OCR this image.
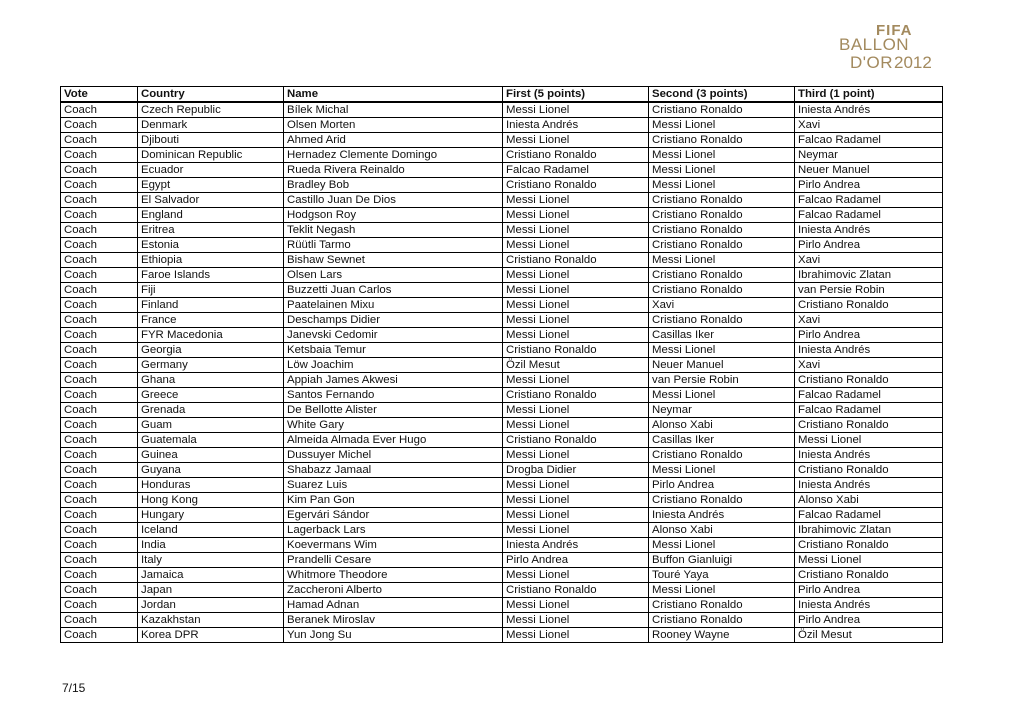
FIFA
BALLON
D'OR 2012
Vote	Country	Name	First (5 points)	Second (3 points)	Third (1 point)
Coach	Czech Republic	Bílek Michal	Messi Lionel	Cristiano Ronaldo	Iniesta Andrés
Coach	Denmark	Olsen Morten	Iniesta Andrés	Messi Lionel	Xavi
Coach	Djibouti	Ahmed Arid	Messi Lionel	Cristiano Ronaldo	Falcao Radamel
Coach	Dominican Republic	Hernadez Clemente Domingo	Cristiano Ronaldo	Messi Lionel	Neymar
Coach	Ecuador	Rueda Rivera Reinaldo	Falcao Radamel	Messi Lionel	Neuer Manuel
Coach	Egypt	Bradley Bob	Cristiano Ronaldo	Messi Lionel	Pirlo Andrea
Coach	El Salvador	Castillo Juan De Dios	Messi Lionel	Cristiano Ronaldo	Falcao Radamel
Coach	England	Hodgson Roy	Messi Lionel	Cristiano Ronaldo	Falcao Radamel
Coach	Eritrea	Teklit Negash	Messi Lionel	Cristiano Ronaldo	Iniesta Andrés
Coach	Estonia	Rüütli Tarmo	Messi Lionel	Cristiano Ronaldo	Pirlo Andrea
Coach	Ethiopia	Bishaw Sewnet	Cristiano Ronaldo	Messi Lionel	Xavi
Coach	Faroe Islands	Olsen Lars	Messi Lionel	Cristiano Ronaldo	Ibrahimovic Zlatan
Coach	Fiji	Buzzetti Juan Carlos	Messi Lionel	Cristiano Ronaldo	van Persie Robin
Coach	Finland	Paatelainen Mixu	Messi Lionel	Xavi	Cristiano Ronaldo
Coach	France	Deschamps Didier	Messi Lionel	Cristiano Ronaldo	Xavi
Coach	FYR Macedonia	Janevski Cedomir	Messi Lionel	Casillas Iker	Pirlo Andrea
Coach	Georgia	Ketsbaia Temur	Cristiano Ronaldo	Messi Lionel	Iniesta Andrés
Coach	Germany	Löw Joachim	Özil Mesut	Neuer Manuel	Xavi
Coach	Ghana	Appiah James Akwesi	Messi Lionel	van Persie Robin	Cristiano Ronaldo
Coach	Greece	Santos Fernando	Cristiano Ronaldo	Messi Lionel	Falcao Radamel
Coach	Grenada	De Bellotte Alister	Messi Lionel	Neymar	Falcao Radamel
Coach	Guam	White Gary	Messi Lionel	Alonso Xabi	Cristiano Ronaldo
Coach	Guatemala	Almeida Almada Ever Hugo	Cristiano Ronaldo	Casillas Iker	Messi Lionel
Coach	Guinea	Dussuyer Michel	Messi Lionel	Cristiano Ronaldo	Iniesta Andrés
Coach	Guyana	Shabazz Jamaal	Drogba Didier	Messi Lionel	Cristiano Ronaldo
Coach	Honduras	Suarez Luis	Messi Lionel	Pirlo Andrea	Iniesta Andrés
Coach	Hong Kong	Kim Pan Gon	Messi Lionel	Cristiano Ronaldo	Alonso Xabi
Coach	Hungary	Egervári Sándor	Messi Lionel	Iniesta Andrés	Falcao Radamel
Coach	Iceland	Lagerback Lars	Messi Lionel	Alonso Xabi	Ibrahimovic Zlatan
Coach	India	Koevermans Wim	Iniesta Andrés	Messi Lionel	Cristiano Ronaldo
Coach	Italy	Prandelli Cesare	Pirlo Andrea	Buffon Gianluigi	Messi Lionel
Coach	Jamaica	Whitmore Theodore	Messi Lionel	Touré Yaya	Cristiano Ronaldo
Coach	Japan	Zaccheroni Alberto	Cristiano Ronaldo	Messi Lionel	Pirlo Andrea
Coach	Jordan	Hamad Adnan	Messi Lionel	Cristiano Ronaldo	Iniesta Andrés
Coach	Kazakhstan	Beranek Miroslav	Messi Lionel	Cristiano Ronaldo	Pirlo Andrea
Coach	Korea DPR	Yun Jong Su	Messi Lionel	Rooney Wayne	Özil Mesut
7/15
